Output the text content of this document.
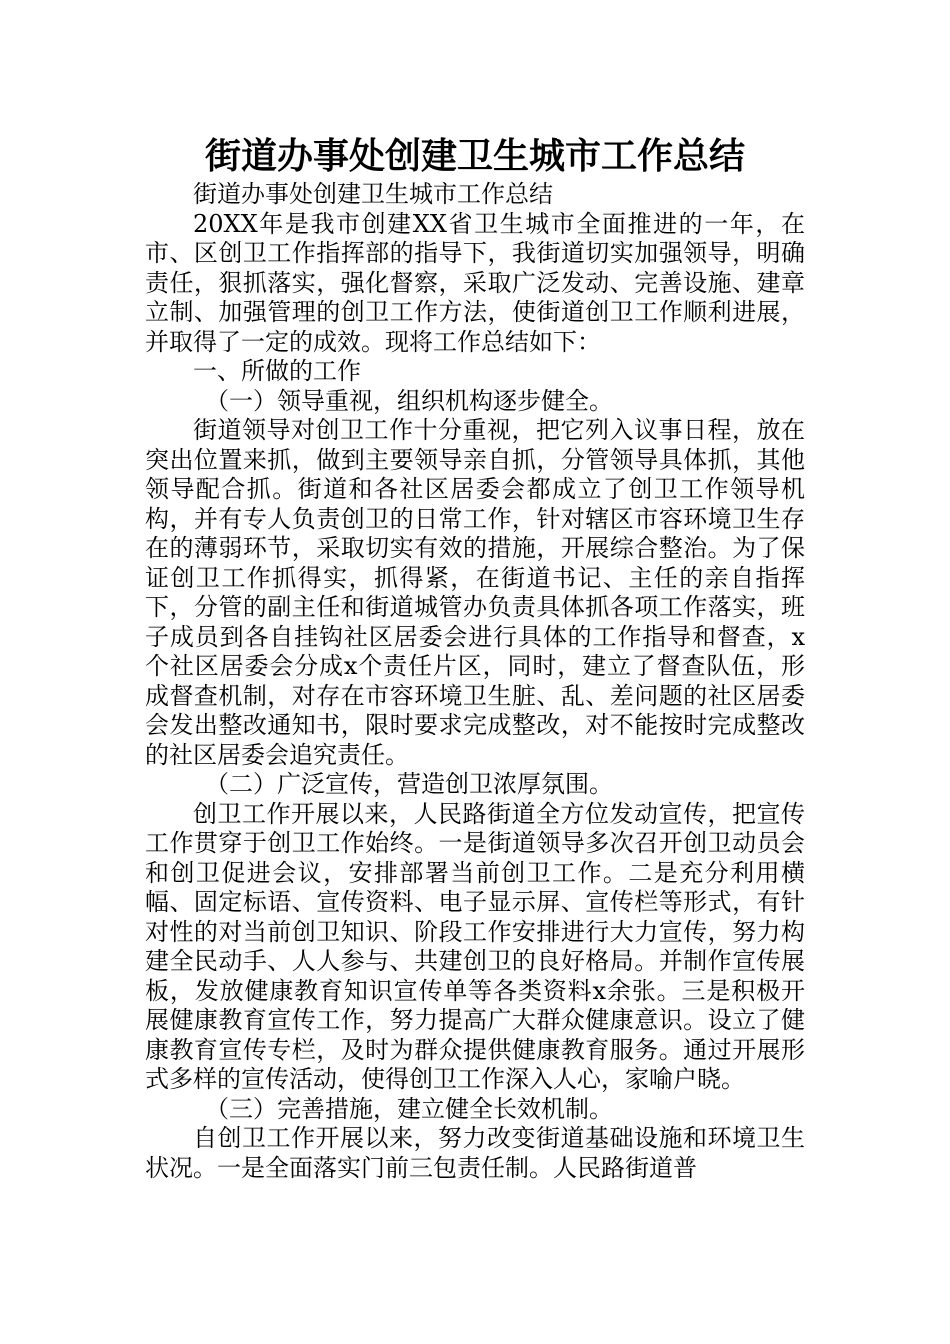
街道办事处创建卫生城市工作总结

街道办事处创建卫生城市工作总结

20XX年是我市创建XX省卫生城市全面推进的一年，在市、区创卫工作指挥部的指导下，我街道切实加强领导，明确责任，狠抓落实，强化督察，采取广泛发动、完善设施、建章立制、加强管理的创卫工作方法，使街道创卫工作顺利进展，并取得了一定的成效。现将工作总结如下：

一、所做的工作

（一）领导重视，组织机构逐步健全。

街道领导对创卫工作十分重视，把它列入议事日程，放在突出位置来抓，做到主要领导亲自抓，分管领导具体抓，其他领导配合抓。街道和各社区居委会都成立了创卫工作领导机构，并有专人负责创卫的日常工作，针对辖区市容环境卫生存在的薄弱环节，采取切实有效的措施，开展综合整治。为了保证创卫工作抓得实，抓得紧，在街道书记、主任的亲自指挥下，分管的副主任和街道城管办负责具体抓各项工作落实，班子成员到各自挂钩社区居委会进行具体的工作指导和督查，x个社区居委会分成x个责任片区，同时，建立了督查队伍，形成督查机制，对存在市容环境卫生脏、乱、差问题的社区居委会发出整改通知书，限时要求完成整改，对不能按时完成整改的社区居委会追究责任。

（二）广泛宣传，营造创卫浓厚氛围。

创卫工作开展以来，人民路街道全方位发动宣传，把宣传工作贯穿于创卫工作始终。一是街道领导多次召开创卫动员会和创卫促进会议，安排部署当前创卫工作。二是充分利用横幅、固定标语、宣传资料、电子显示屏、宣传栏等形式，有针对性的对当前创卫知识、阶段工作安排进行大力宣传，努力构建全民动手、人人参与、共建创卫的良好格局。并制作宣传展板，发放健康教育知识宣传单等各类资料x余张。三是积极开展健康教育宣传工作，努力提高广大群众健康意识。设立了健康教育宣传专栏，及时为群众提供健康教育服务。通过开展形式多样的宣传活动，使得创卫工作深入人心，家喻户晓。

（三）完善措施，建立健全长效机制。

自创卫工作开展以来，努力改变街道基础设施和环境卫生状况。一是全面落实门前三包责任制。人民路街道普
